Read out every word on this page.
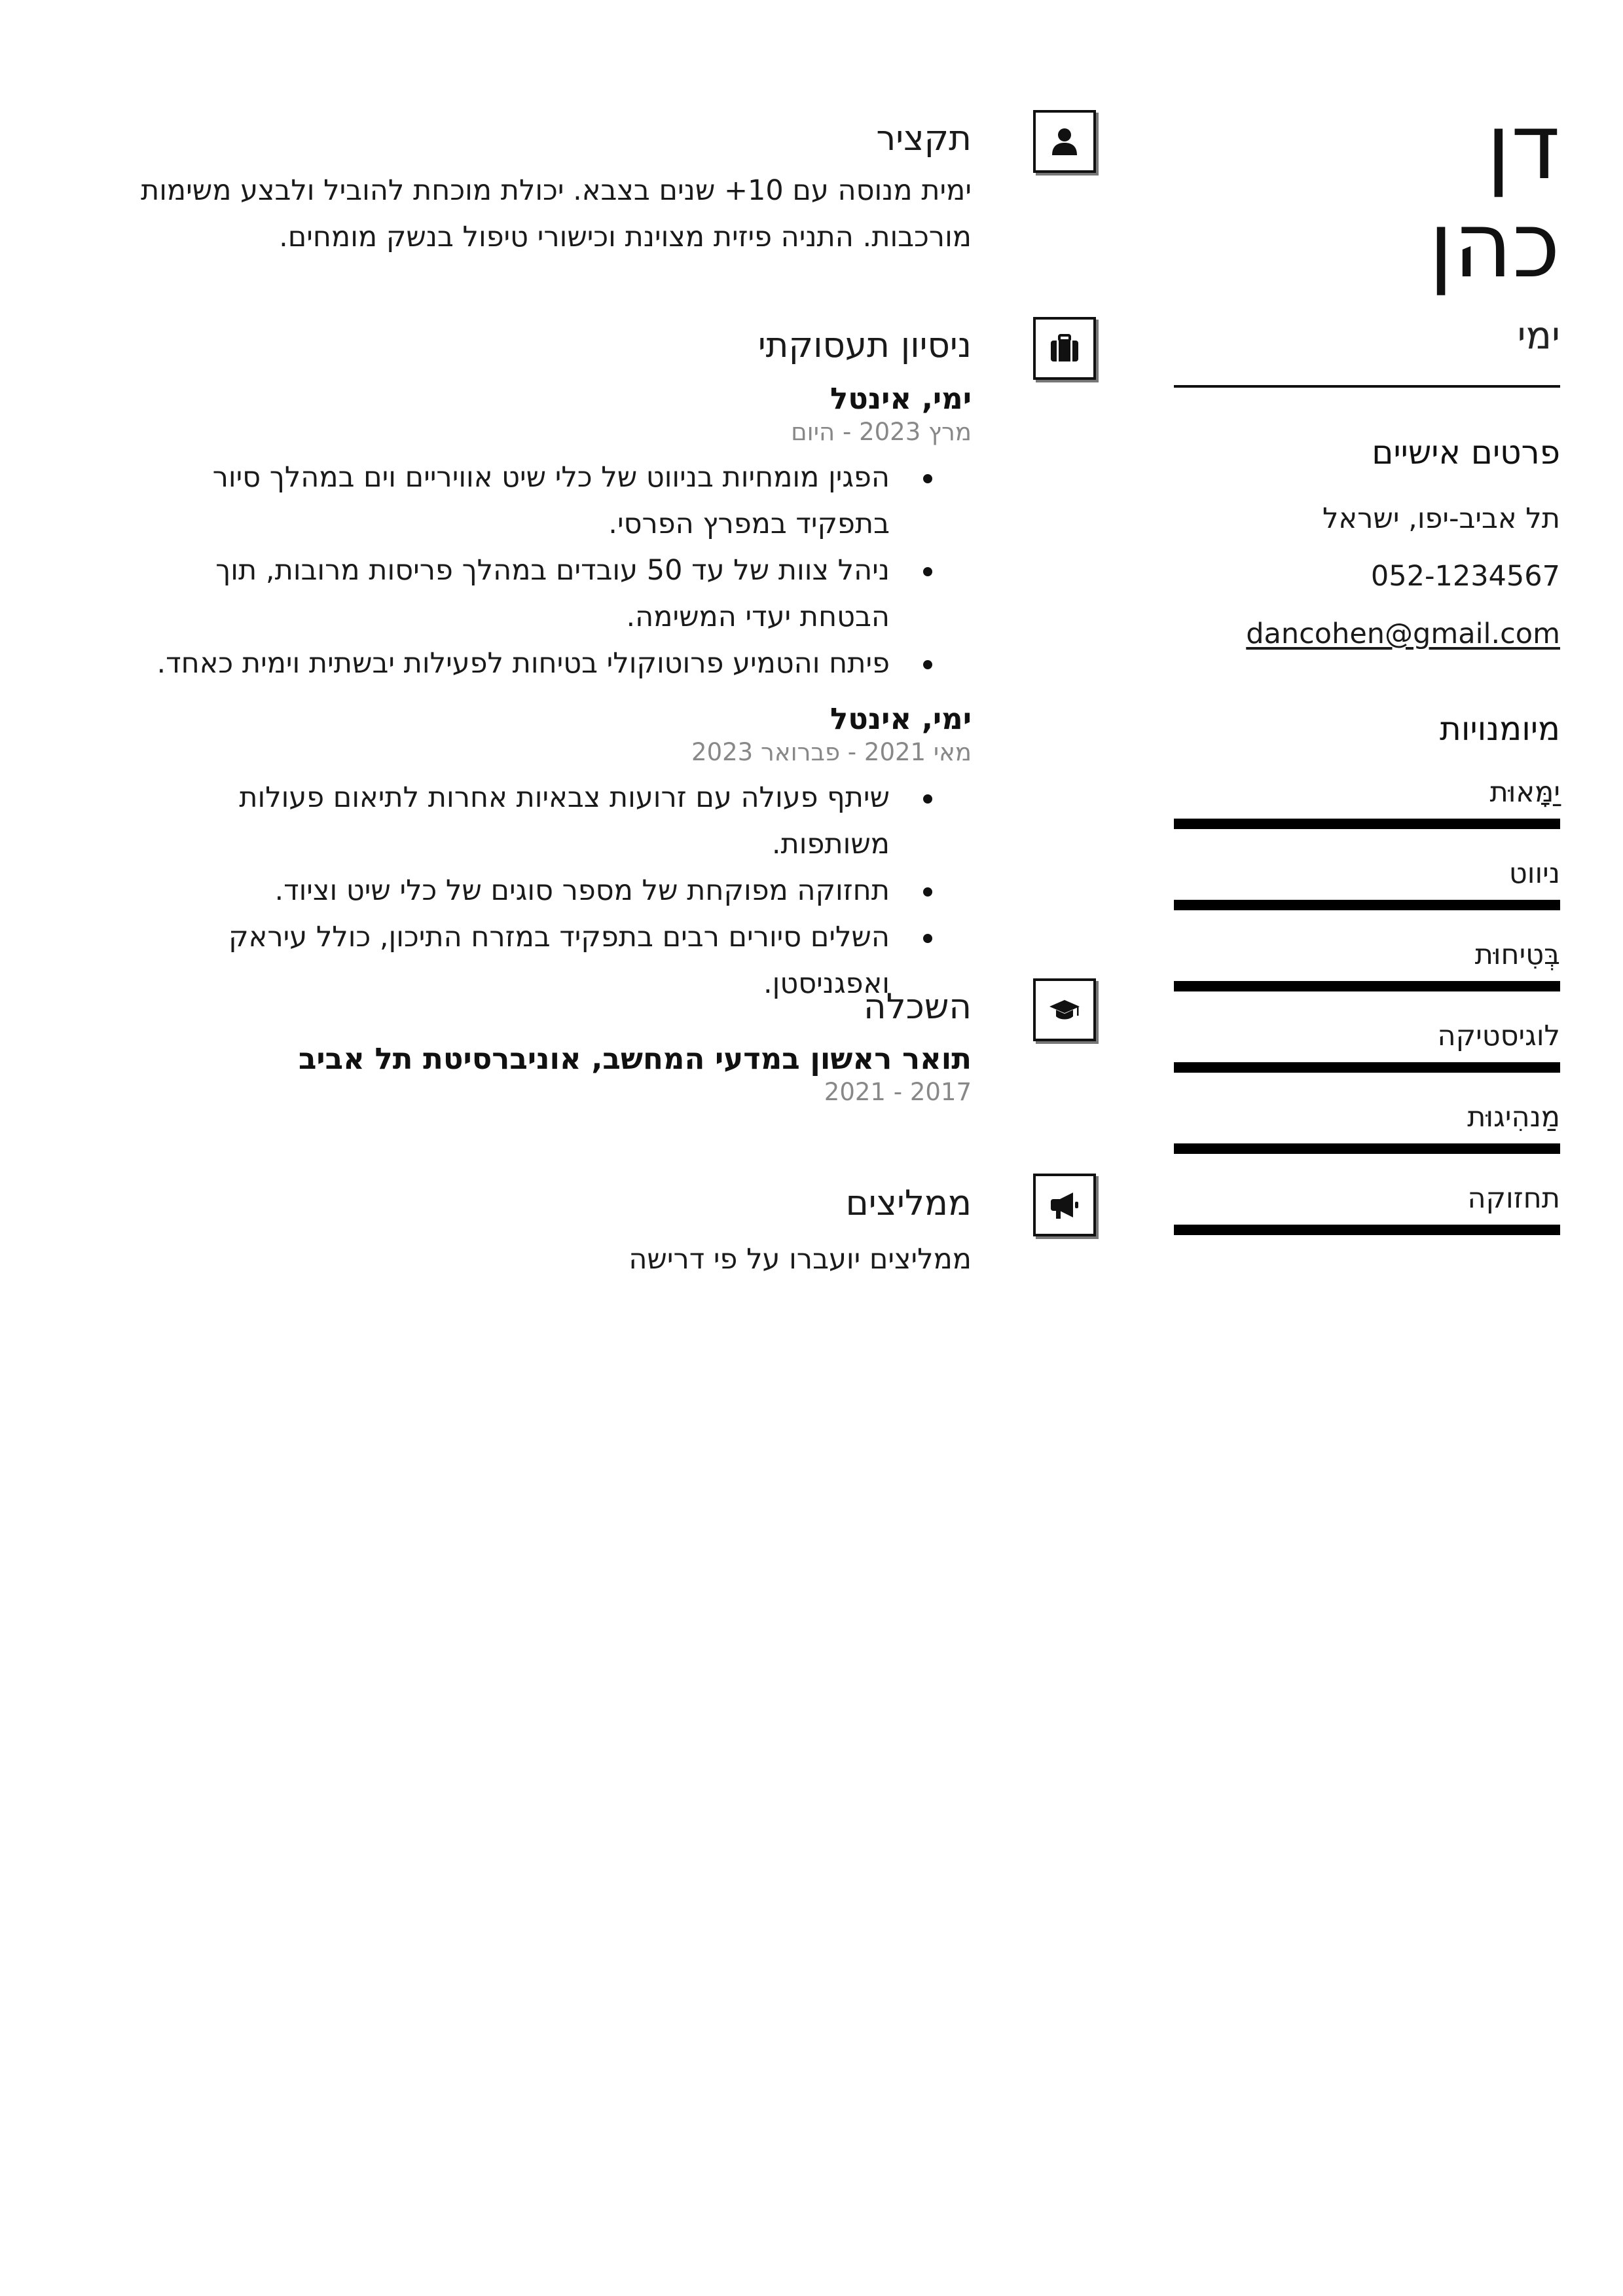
דן
כהן
ימי
פרטים אישיים
תל אביב-יפו, ישראל
052-1234567
dancohen@gmail.com
מיומנויות
יַמָּאוּת
ניווט
בְּטִיחוּת
לוגיסטיקה
מַנהִיגוּת
תחזוקה
תקציר
ימית מנוסה עם 10+ שנים בצבא. יכולת מוכחת להוביל ולבצע משימות מורכבות. התניה פיזית מצוינת וכישורי טיפול בנשק מומחים.
ניסיון תעסוקתי
ימי, אינטל
מרץ 2023 - היום
הפגין מומחיות בניווט של כלי שיט אוויריים וים במהלך סיור בתפקיד במפרץ הפרסי.
ניהל צוות של עד 50 עובדים במהלך פריסות מרובות, תוך הבטחת יעדי המשימה.
פיתח והטמיע פרוטוקולי בטיחות לפעילות יבשתית וימית כאחד.
ימי, אינטל
מאי 2021 - פברואר 2023
שיתף פעולה עם זרועות צבאיות אחרות לתיאום פעולות משותפות.
תחזוקה מפוקחת של מספר סוגים של כלי שיט וציוד.
השלים סיורים רבים בתפקיד במזרח התיכון, כולל עיראק ואפגניסטן.
השכלה
תואר ראשון במדעי המחשב, אוניברסיטת תל אביב
2017 - 2021
ממליצים
ממליצים יועברו על פי דרישה
